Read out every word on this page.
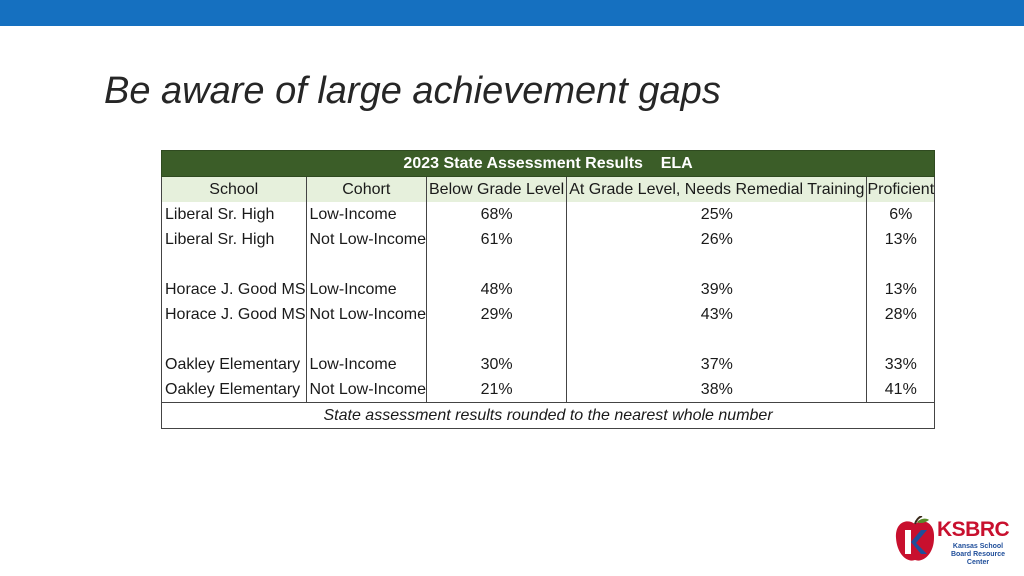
Be aware of large achievement gaps
2023 State Assessment Results    ELA				
School	Cohort	Below Grade Level	At Grade Level, Needs Remedial Training	Proficient
Liberal Sr. High	Low-Income	68%	25%	6%
Liberal Sr. High	Not Low-Income	61%	26%	13%

Horace J. Good MS	Low-Income	48%	39%	13%
Horace J. Good MS	Not Low-Income	29%	43%	28%

Oakley Elementary	Low-Income	30%	37%	33%
Oakley Elementary	Not Low-Income	21%	38%	41%
State assessment results rounded to the nearest whole number				
KSBRC
Kansas School Board Resource Center
